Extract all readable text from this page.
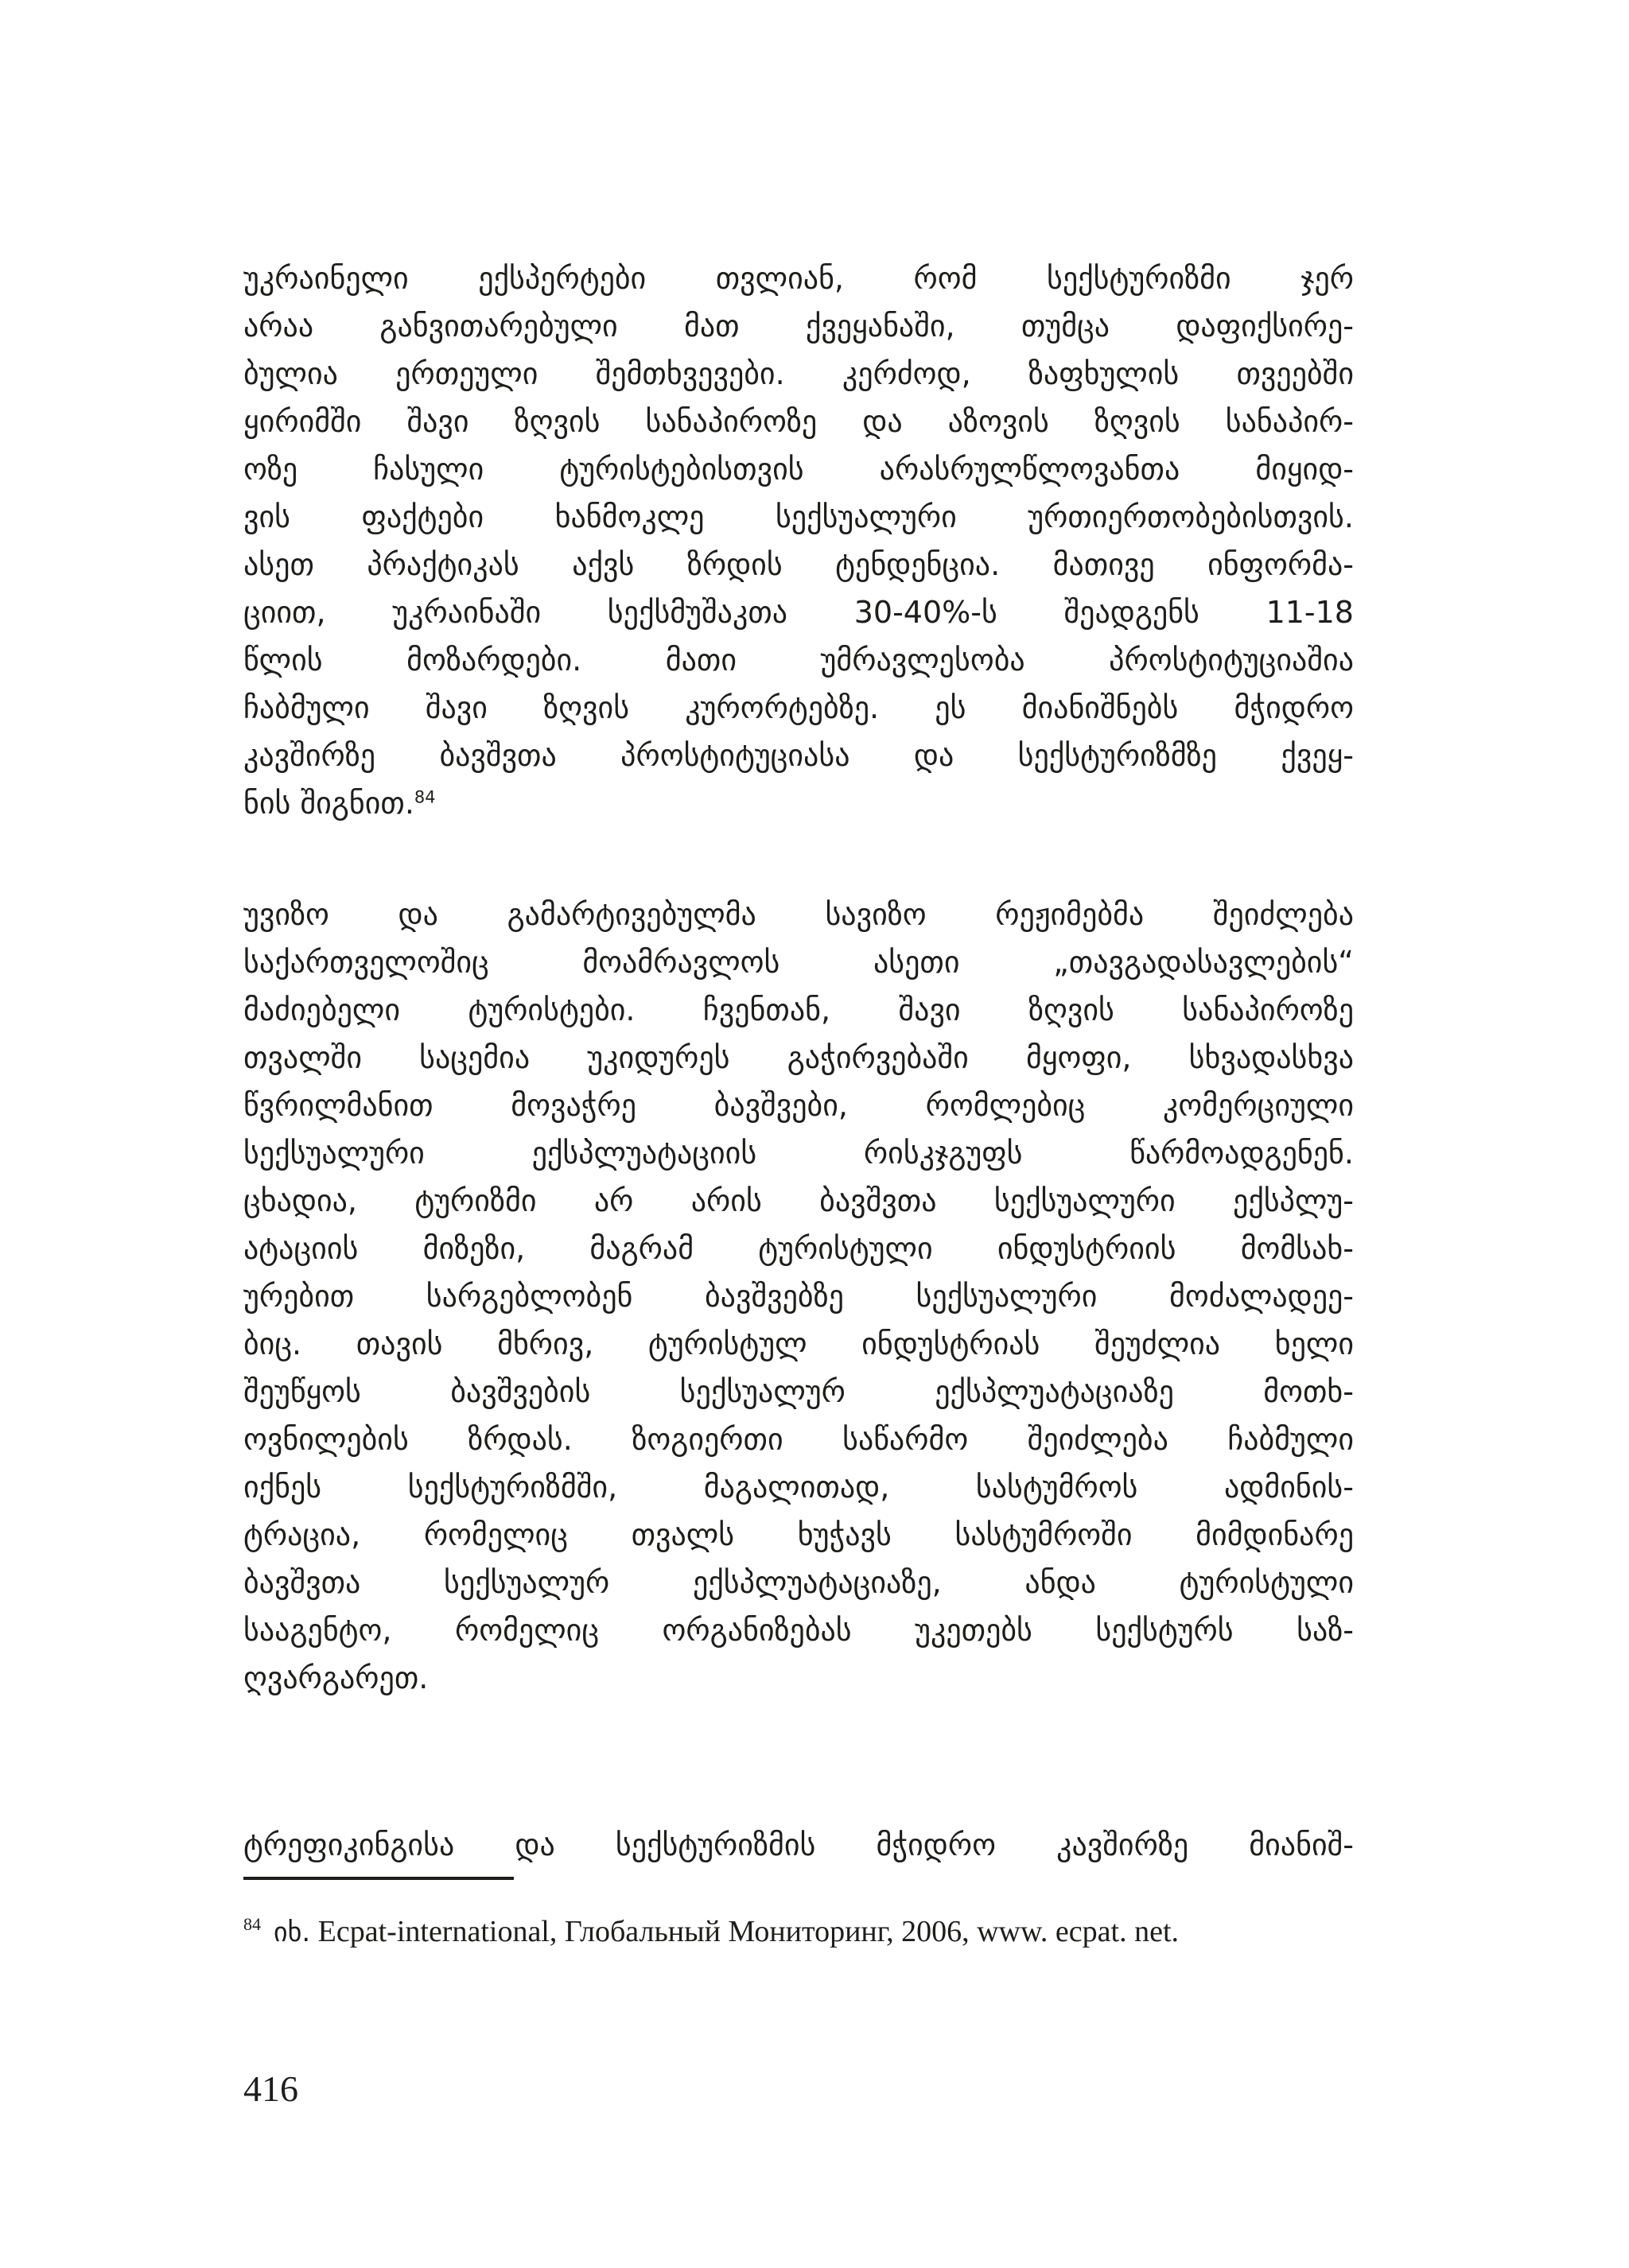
უკრაინელი ექსპერტები თვლიან, რომ სექსტურიზმი ჯერ
არაა განვითარებული მათ ქვეყანაში, თუმცა დაფიქსირე-
ბულია ერთეული შემთხვევები. კერძოდ, ზაფხულის თვეებში
ყირიმში შავი ზღვის სანაპიროზე და აზოვის ზღვის სანაპირ-
ოზე ჩასული ტურისტებისთვის არასრულწლოვანთა მიყიდ-
ვის ფაქტები ხანმოკლე სექსუალური ურთიერთობებისთვის.
ასეთ პრაქტიკას აქვს ზრდის ტენდენცია. მათივე ინფორმა-
ციით, უკრაინაში სექსმუშაკთა 30-40%-ს შეადგენს 11-18
წლის მოზარდები. მათი უმრავლესობა პროსტიტუციაშია
ჩაბმული შავი ზღვის კურორტებზე. ეს მიანიშნებს მჭიდრო
კავშირზე ბავშვთა პროსტიტუციასა და სექსტურიზმზე ქვეყ-
ნის შიგნით.$^{84}$
უვიზო და გამარტივებულმა სავიზო რეჟიმებმა შეიძლება
საქართველოშიც მოამრავლოს ასეთი „თავგადასავლების“
მაძიებელი ტურისტები. ჩვენთან, შავი ზღვის სანაპიროზე
თვალში საცემია უკიდურეს გაჭირვებაში მყოფი, სხვადასხვა
წვრილმანით მოვაჭრე ბავშვები, რომლებიც კომერციული
სექსუალური ექსპლუატაციის რისკჯგუფს წარმოადგენენ.
ცხადია, ტურიზმი არ არის ბავშვთა სექსუალური ექსპლუ-
ატაციის მიზეზი, მაგრამ ტურისტული ინდუსტრიის მომსახ-
ურებით სარგებლობენ ბავშვებზე სექსუალური მოძალადეე-
ბიც. თავის მხრივ, ტურისტულ ინდუსტრიას შეუძლია ხელი
შეუწყოს ბავშვების სექსუალურ ექსპლუატაციაზე მოთხ-
ოვნილების ზრდას. ზოგიერთი საწარმო შეიძლება ჩაბმული
იქნეს სექსტურიზმში, მაგალითად, სასტუმროს ადმინის-
ტრაცია, რომელიც თვალს ხუჭავს სასტუმროში მიმდინარე
ბავშვთა სექსუალურ ექსპლუატაციაზე, ანდა ტურისტული
სააგენტო, რომელიც ორგანიზებას უკეთებს სექსტურს საზ-
ღვარგარეთ.
ტრეფიკინგისა და სექსტურიზმის მჭიდრო კავშირზე მიანიშ-
$^{84}$ იხ. Ecpat-international, Глобальный Мониторинг, 2006, www. ecpat. net.
416
